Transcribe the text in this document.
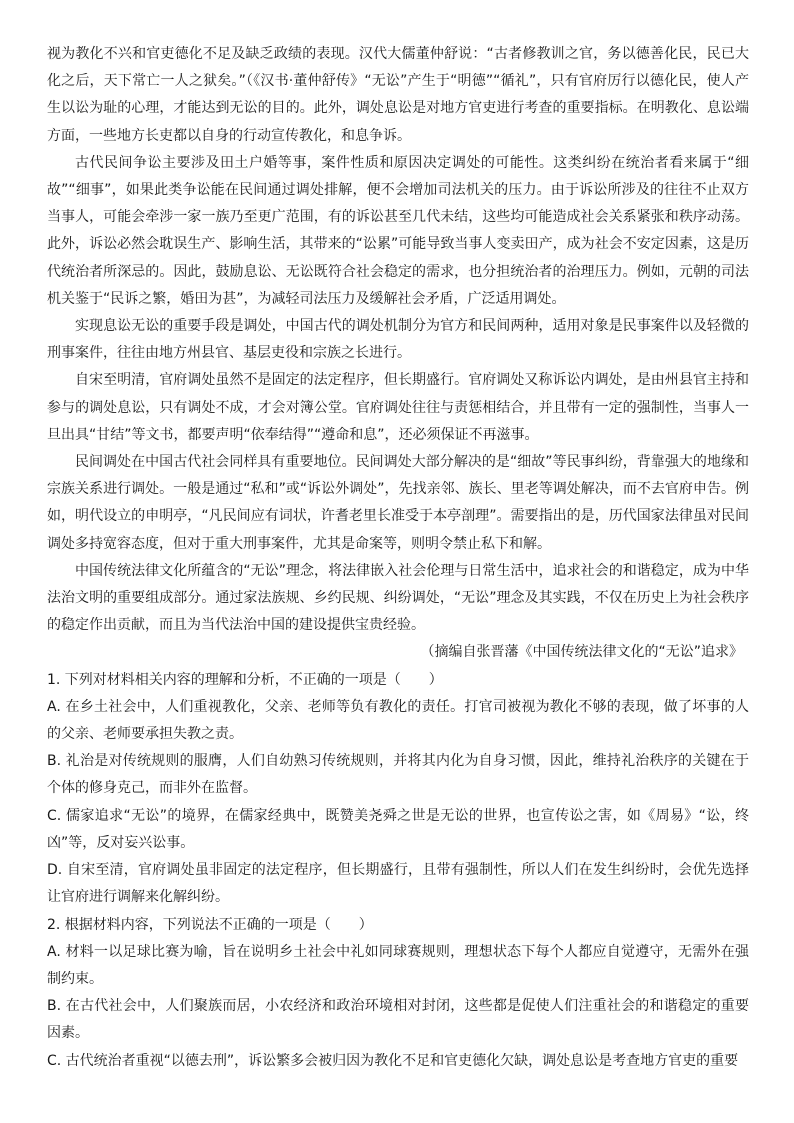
视为教化不兴和官吏德化不足及缺乏政绩的表现。汉代大儒董仲舒说：“古者修教训之官，务以德善化民，民已大化之后，天下常亡一人之狱矣。”（《汉书·董仲舒传》“无讼”产生于“明德”“循礼”，只有官府厉行以德化民，使人产生以讼为耻的心理，才能达到无讼的目的。此外，调处息讼是对地方官吏进行考查的重要指标。在明教化、息讼端方面，一些地方长吏都以自身的行动宣传教化，和息争诉。

古代民间争讼主要涉及田土户婚等事，案件性质和原因决定调处的可能性。这类纠纷在统治者看来属于“细故”“细事”，如果此类争讼能在民间通过调处排解，便不会增加司法机关的压力。由于诉讼所涉及的往往不止双方当事人，可能会牵涉一家一族乃至更广范围，有的诉讼甚至几代未结，这些均可能造成社会关系紧张和秩序动荡。此外，诉讼必然会耽误生产、影响生活，其带来的“讼累”可能导致当事人变卖田产，成为社会不安定因素，这是历代统治者所深忌的。因此，鼓励息讼、无讼既符合社会稳定的需求，也分担统治者的治理压力。例如，元朝的司法机关鉴于“民诉之繁，婚田为甚”，为减轻司法压力及缓解社会矛盾，广泛适用调处。

实现息讼无讼的重要手段是调处，中国古代的调处机制分为官方和民间两种，适用对象是民事案件以及轻微的刑事案件，往往由地方州县官、基层吏役和宗族之长进行。

自宋至明清，官府调处虽然不是固定的法定程序，但长期盛行。官府调处又称诉讼内调处，是由州县官主持和参与的调处息讼，只有调处不成，才会对簿公堂。官府调处往往与责惩相结合，并且带有一定的强制性，当事人一旦出具“甘结”等文书，都要声明“依奉结得”“遵命和息”，还必须保证不再滋事。

民间调处在中国古代社会同样具有重要地位。民间调处大部分解决的是“细故”等民事纠纷，背靠强大的地缘和宗族关系进行调处。一般是通过“私和”或“诉讼外调处”，先找亲邻、族长、里老等调处解决，而不去官府申告。例如，明代设立的申明亭，“凡民间应有词状，许耆老里长准受于本亭剖理”。需要指出的是，历代国家法律虽对民间调处多持宽容态度，但对于重大刑事案件，尤其是命案等，则明令禁止私下和解。

中国传统法律文化所蕴含的“无讼”理念，将法律嵌入社会伦理与日常生活中，追求社会的和谐稳定，成为中华法治文明的重要组成部分。通过家法族规、乡约民规、纠纷调处，“无讼”理念及其实践，不仅在历史上为社会秩序的稳定作出贡献，而且为当代法治中国的建设提供宝贵经验。

（摘编自张晋藩《中国传统法律文化的“无讼”追求》

1. 下列对材料相关内容的理解和分析，不正确的一项是（　　）

A. 在乡土社会中，人们重视教化，父亲、老师等负有教化的责任。打官司被视为教化不够的表现，做了坏事的人的父亲、老师要承担失教之责。

B. 礼治是对传统规则的服膺，人们自幼熟习传统规则，并将其内化为自身习惯，因此，维持礼治秩序的关键在于个体的修身克己，而非外在监督。

C. 儒家追求“无讼”的境界，在儒家经典中，既赞美尧舜之世是无讼的世界，也宣传讼之害，如《周易》“讼，终凶”等，反对妄兴讼事。

D. 自宋至清，官府调处虽非固定的法定程序，但长期盛行，且带有强制性，所以人们在发生纠纷时，会优先选择让官府进行调解来化解纠纷。

2. 根据材料内容，下列说法不正确的一项是（　　）

A. 材料一以足球比赛为喻，旨在说明乡土社会中礼如同球赛规则，理想状态下每个人都应自觉遵守，无需外在强制约束。

B. 在古代社会中，人们聚族而居，小农经济和政治环境相对封闭，这些都是促使人们注重社会的和谐稳定的重要因素。

C. 古代统治者重视“以德去刑”，诉讼繁多会被归因为教化不足和官吏德化欠缺，调处息讼是考查地方官吏的重要
